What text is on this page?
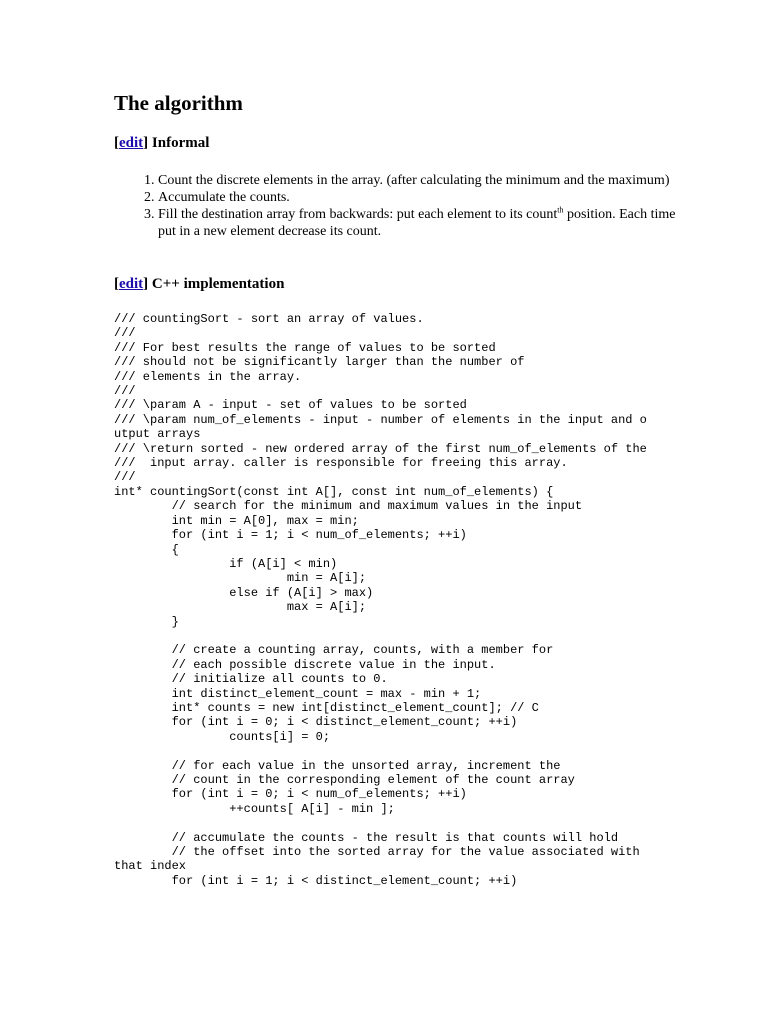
The algorithm
[edit] Informal
1. Count the discrete elements in the array. (after calculating the minimum and the maximum)
2. Accumulate the counts.
3. Fill the destination array from backwards: put each element to its count$^{th}$ position. Each time put in a new element decrease its count.
[edit] C++ implementation
/// countingSort - sort an array of values.
///
/// For best results the range of values to be sorted
/// should not be significantly larger than the number of
/// elements in the array.
///
/// \param A - input - set of values to be sorted
/// \param num_of_elements - input - number of elements in the input and output arrays
/// \return sorted - new ordered array of the first num_of_elements of the
///  input array. caller is responsible for freeing this array.
///
int* countingSort(const int A[], const int num_of_elements) {
	// search for the minimum and maximum values in the input
	int min = A[0], max = min;
	for (int i = 1; i < num_of_elements; ++i)
	{
		if (A[i] < min)
			min = A[i];
		else if (A[i] > max)
			max = A[i];
	}

	// create a counting array, counts, with a member for
	// each possible discrete value in the input.
	// initialize all counts to 0.
	int distinct_element_count = max - min + 1;
	int* counts = new int[distinct_element_count]; // C
	for (int i = 0; i < distinct_element_count; ++i)
		counts[i] = 0;

	// for each value in the unsorted array, increment the
	// count in the corresponding element of the count array
	for (int i = 0; i < num_of_elements; ++i)
		++counts[ A[i] - min ];

	// accumulate the counts - the result is that counts will hold
	// the offset into the sorted array for the value associated with that index
	for (int i = 1; i < distinct_element_count; ++i)
